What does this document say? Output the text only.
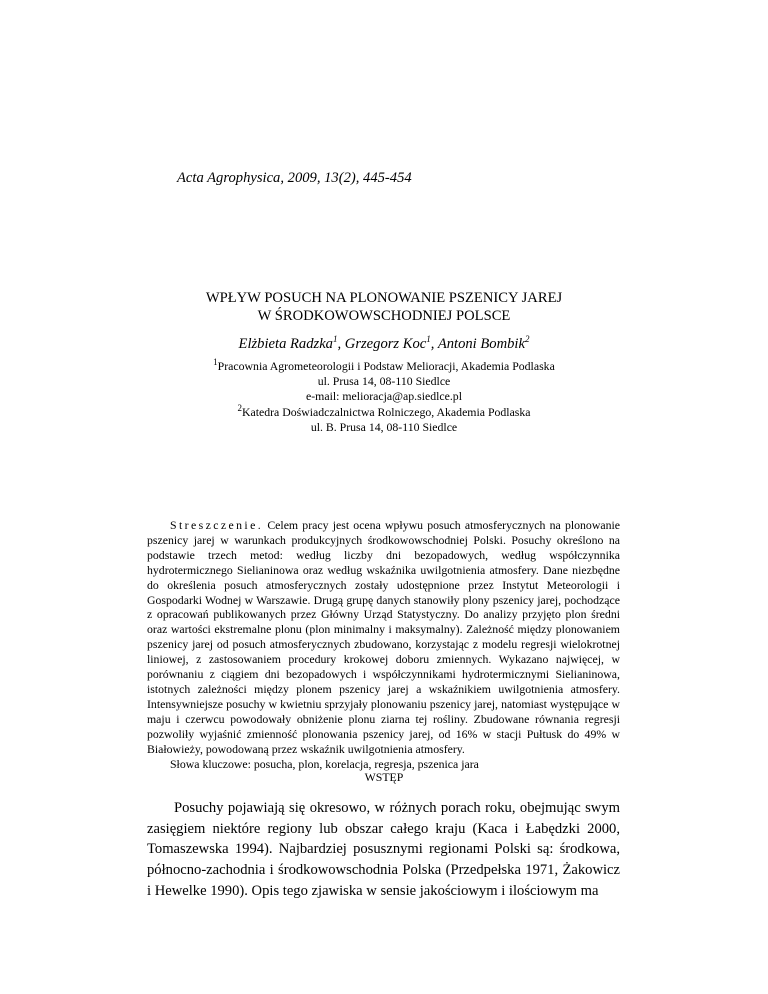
Acta Agrophysica, 2009, 13(2), 445-454
WPŁYW POSUCH NA PLONOWANIE PSZENICY JAREJ
W ŚRODKOWOWSCHODNIEJ POLSCE
Elżbieta Radzka$^1$, Grzegorz Koc$^1$, Antoni Bombik$^2$
$^1$Pracownia Agrometeorologii i Podstaw Melioracji, Akademia Podlaska
ul. Prusa 14, 08-110 Siedlce
e-mail: melioracja@ap.siedlce.pl
$^2$Katedra Doświadczalnictwa Rolniczego, Akademia Podlaska
ul. B. Prusa 14, 08-110 Siedlce

Streszczenie. Celem pracy jest ocena wpływu posuch atmosferycznych na plonowanie pszenicy jarej w warunkach produkcyjnych środkowowschodniej Polski. Posuchy określono na podstawie trzech metod: według liczby dni bezopadowych, według współczynnika hydrotermicznego Sielianinowa oraz według wskaźnika uwilgotnienia atmosfery. Dane niezbędne do określenia posuch atmosferycznych zostały udostępnione przez Instytut Meteorologii i Gospodarki Wodnej w Warszawie. Drugą grupę danych stanowiły plony pszenicy jarej, pochodzące z opracowań publikowanych przez Główny Urząd Statystyczny. Do analizy przyjęto plon średni oraz wartości ekstremalne plonu (plon minimalny i maksymalny). Zależność między plonowaniem pszenicy jarej od posuch atmosferycznych zbudowano, korzystając z modelu regresji wielokrotnej liniowej, z zastosowaniem procedury krokowej doboru zmiennych. Wykazano najwięcej, w porównaniu z ciągiem dni bezopadowych i współczynnikami hydrotermicznymi Sielianinowa, istotnych zależności między plonem pszenicy jarej a wskaźnikiem uwilgotnienia atmosfery. Intensywniejsze posuchy w kwietniu sprzyjały plonowaniu pszenicy jarej, natomiast występujące w maju i czerwcu powodowały obniżenie plonu ziarna tej rośliny. Zbudowane równania regresji pozwoliły wyjaśnić zmienność plonowania pszenicy jarej, od 16% w stacji Pułtusk do 49% w Białowieży, powodowaną przez wskaźnik uwilgotnienia atmosfery.

Słowa kluczowe: posucha, plon, korelacja, regresja, pszenica jara

WSTĘP

Posuchy pojawiają się okresowo, w różnych porach roku, obejmując swym zasięgiem niektóre regiony lub obszar całego kraju (Kaca i Łabędzki 2000, Tomaszewska 1994). Najbardziej posusznymi regionami Polski są: środkowa, północno-zachodnia i środkowowschodnia Polska (Przedpełska 1971, Żakowicz i Hewelke 1990). Opis tego zjawiska w sensie jakościowym i ilościowym ma
